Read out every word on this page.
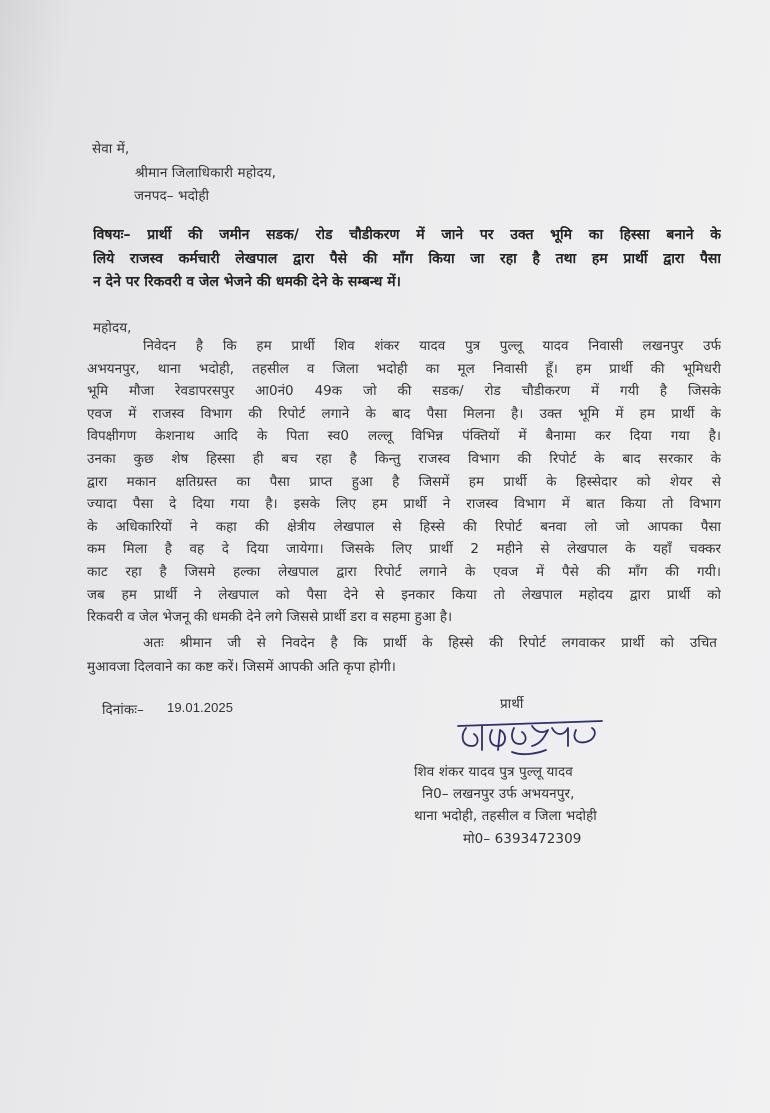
सेवा में,
श्रीमान जिलाधिकारी महोदय,
जनपद– भदोही
विषयः– प्रार्थी की जमीन सडक/ रोड चौडीकरण में जाने पर उक्त भूमि का हिस्सा बनाने के
लिये राजस्व कर्मचारी लेखपाल द्वारा पैसे की माँग किया जा रहा है तथा हम प्रार्थी द्वारा पैसा
न देने पर रिकवरी व जेल भेजने की धमकी देने के सम्बन्ध में।
महोदय,
निवेदन है कि हम प्रार्थी शिव शंकर यादव पुत्र पुल्लू यादव निवासी लखनपुर उर्फ
अभयनपुर, थाना भदोही, तहसील व जिला भदोही का मूल निवासी हूँ। हम प्रार्थी की भूमिधरी
भूमि मौजा रेवडापरसपुर आ0नं0 49क जो की सडक/ रोड चौडीकरण में गयी है जिसके
एवज में राजस्व विभाग की रिपोर्ट लगाने के बाद पैसा मिलना है। उक्त भूमि में हम प्रार्थी के
विपक्षीगण केशनाथ आदि के पिता स्व0 लल्लू विभिन्न पंक्तियों में बैनामा कर दिया गया है।
उनका कुछ शेष हिस्सा ही बच रहा है किन्तु राजस्व विभाग की रिपोर्ट के बाद सरकार के
द्वारा मकान क्षतिग्रस्त का पैसा प्राप्त हुआ है जिसमें हम प्रार्थी के हिस्सेदार को शेयर से
ज्यादा पैसा दे दिया गया है। इसके लिए हम प्रार्थी ने राजस्व विभाग में बात किया तो विभाग
के अधिकारियों ने कहा की क्षेत्रीय लेखपाल से हिस्से की रिपोर्ट बनवा लो जो आपका पैसा
कम मिला है वह दे दिया जायेगा। जिसके लिए प्रार्थी 2 महीने से लेखपाल के यहाँ चक्कर
काट रहा है जिसमे हल्का लेखपाल द्वारा रिपोर्ट लगाने के एवज में पैसे की माँग की गयी।
जब हम प्रार्थी ने लेखपाल को पैसा देने से इनकार किया तो लेखपाल महोदय द्वारा प्रार्थी को
रिकवरी व जेल भेजनू की धमकी देने लगे जिससे प्रार्थी डरा व सहमा हुआ है।
अतः श्रीमान जी से निवदेन है कि प्रार्थी के हिस्से की रिपोर्ट लगवाकर प्रार्थी को उचित
मुआवजा दिलवाने का कष्ट करें। जिसमें आपकी अति कृपा होगी।
दिनांकः– 19.01.2025	प्रार्थी
शिव शंकर यादव पुत्र पुल्लू यादव
नि0– लखनपुर उर्फ अभयनपुर,
थाना भदोही, तहसील व जिला भदोही
मो0– 6393472309
